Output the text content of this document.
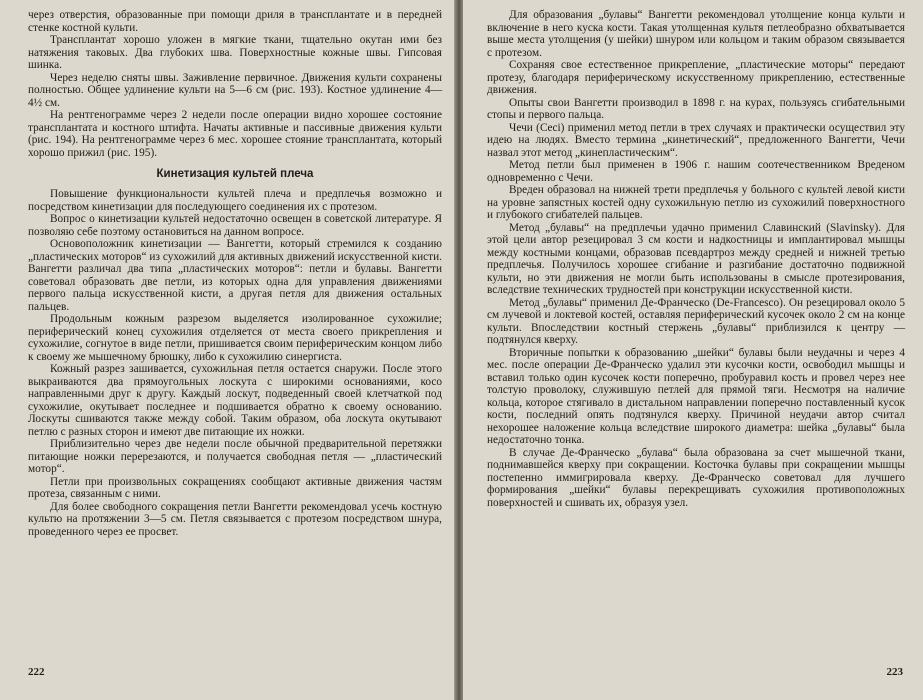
через отверстия, образованные при помощи дриля в трансплантате и в передней стенке костной культи.

Трансплантат хорошо уложен в мягкие ткани, тщательно окутан ими без натяжения таковых. Два глубоких шва. Поверхностные кожные швы. Гипсовая шинка.

Через неделю сняты швы. Заживление первичное. Движения культи сохранены полностью. Общее удлинение культи на 5—6 см (рис. 193). Костное удлинение 4—4½ см.

На рентгенограмме через 2 недели после операции видно хорошее состояние трансплантата и костного штифта. Начаты активные и пассивные движения культи (рис. 194). На рентгенограмме через 6 мес. хорошее стояние трансплантата, который хорошо прижил (рис. 195).

Кинетизация культей плеча

Повышение функциональности культей плеча и предплечья возможно и посредством кинетизации для последующего соединения их с протезом.

Вопрос о кинетизации культей недостаточно освещен в советской литературе. Я позволяю себе поэтому остановиться на данном вопросе.

Основоположник кинетизации — Вангетти, который стремился к созданию „пластических моторов“ из сухожилий для активных движений искусственной кисти. Вангетти различал два типа „пластических моторов“: петли и булавы. Вангетти советовал образовать две петли, из которых одна для управления движениями первого пальца искусственной кисти, а другая петля для движения остальных пальцев.

Продольным кожным разрезом выделяется изолированное сухожилие; периферический конец сухожилия отделяется от места своего прикрепления и сухожилие, согнутое в виде петли, пришивается своим периферическим концом либо к своему же мышечному брюшку, либо к сухожилию синергиста.

Кожный разрез зашивается, сухожильная петля остается снаружи. После этого выкраиваются два прямоугольных лоскута с широкими основаниями, косо направленными друг к другу. Каждый лоскут, подведенный своей клетчаткой под сухожилие, окутывает последнее и подшивается обратно к своему основанию. Лоскуты сшиваются также между собой. Таким образом, оба лоскута окутывают петлю с разных сторон и имеют две питающие их ножки.

Приблизительно через две недели после обычной предварительной перетяжки питающие ножки перерезаются, и получается свободная петля — „пластический мотор“.

Петли при произвольных сокращениях сообщают активные движения частям протеза, связанным с ними.

Для более свободного сокращения петли Вангетти рекомендовал усечь костную культю на протяжении 3—5 см. Петля связывается с протезом посредством шнура, проведенного через ее просвет.

222

Для образования „булавы“ Вангетти рекомендовал утолщение конца культи и включение в него куска кости. Такая утолщенная культя петлеобразно обхватывается выше места утолщения (у шейки) шнуром или кольцом и таким образом связывается с протезом.

Сохраняя свое естественное прикрепление, „пластические моторы“ передают протезу, благодаря периферическому искусственному прикреплению, естественные движения.

Опыты свои Вангетти производил в 1898 г. на курах, пользуясь сгибательными стопы и первого пальца.

Чечи (Ceci) применил метод петли в трех случаях и практически осуществил эту идею на людях. Вместо термина „кинетический“, предложенного Вангетти, Чечи назвал этот метод „кинепластическим“.

Метод петли был применен в 1906 г. нашим соотечественником Вреденом одновременно с Чечи.

Вреден образовал на нижней трети предплечья у больного с культей левой кисти на уровне запястных костей одну сухожильную петлю из сухожилий поверхностного и глубокого сгибателей пальцев.

Метод „булавы“ на предплечьи удачно применил Славинский (Slavinsky). Для этой цели автор резецировал 3 см кости и надкостницы и имплантировал мышцы между костными концами, образовав псевдартроз между средней и нижней третью предплечья. Получилось хорошее сгибание и разгибание достаточно подвижной культи, но эти движения не могли быть использованы в смысле протезирования, вследствие технических трудностей при конструкции искусственной кисти.

Метод „булавы“ применил Де-Франческо (De-Francesco). Он резецировал около 5 см лучевой и локтевой костей, оставляя периферический кусочек около 2 см на конце культи. Впоследствии костный стержень „булавы“ приблизился к центру — подтянулся кверху.

Вторичные попытки к образованию „шейки“ булавы были неудачны и через 4 мес. после операции Де-Франческо удалил эти кусочки кости, освободил мышцы и вставил только один кусочек кости поперечно, пробуравил кость и провел через нее толстую проволоку, служившую петлей для прямой тяги. Несмотря на наличие кольца, которое стягивало в дистальном направлении поперечно поставленный кусок кости, последний опять подтянулся кверху. Причиной неудачи автор считал нехорошее наложение кольца вследствие широкого диаметра: шейка „булавы“ была недостаточно тонка.

В случае Де-Франческо „булава“ была образована за счет мышечной ткани, поднимавшейся кверху при сокращении. Косточка булавы при сокращении мышцы постепенно иммигрировала кверху. Де-Франческо советовал для лучшего формирования „шейки“ булавы перекрещивать сухожилия противоположных поверхностей и сшивать их, образуя узел.

223
